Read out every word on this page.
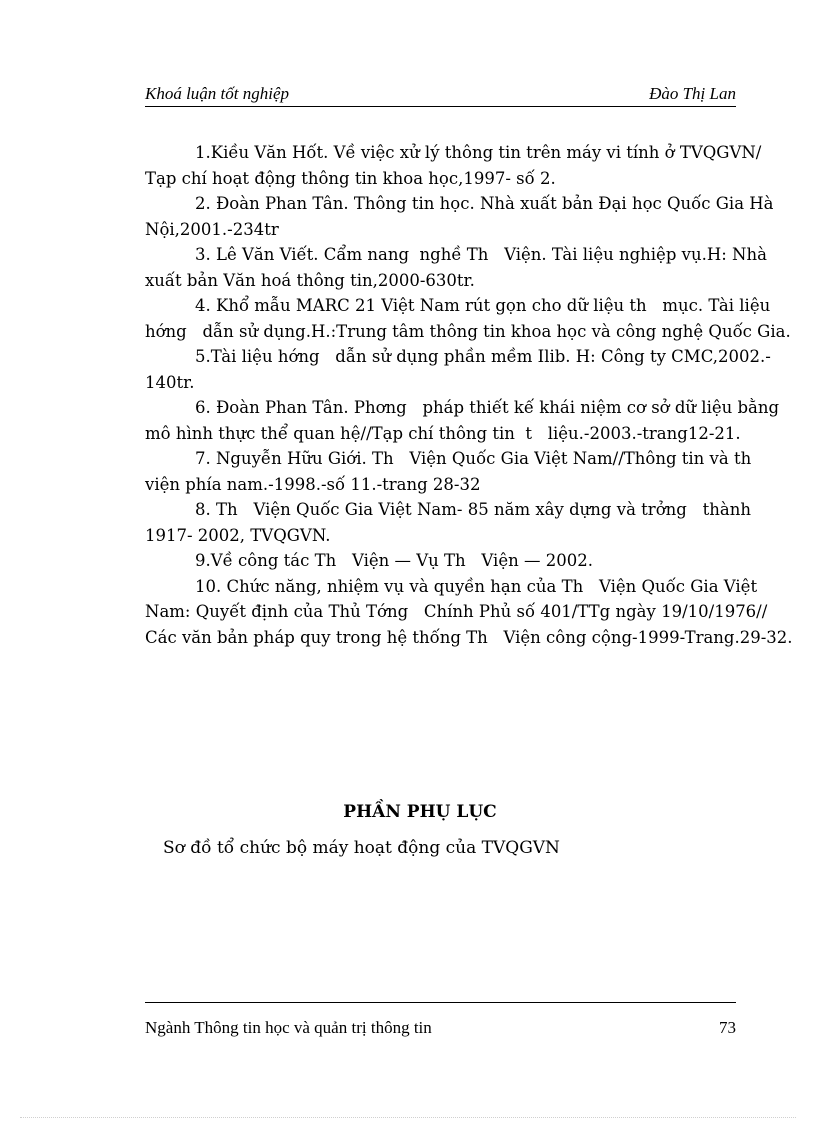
Khoá luận tốt nghiệp	Đào Thị Lan
1.Kiều Văn Hốt. Về việc xử lý thông tin trên máy vi tính ở TVQGVN/
Tạp chí hoạt động thông tin khoa học,1997- số 2.
2. Đoàn Phan Tân. Thông tin học. Nhà xuất bản Đại học Quốc Gia Hà
Nội,2001.-234tr
3. Lê Văn Viết. Cẩm nang  nghề Th   Viện. Tài liệu nghiệp vụ.H: Nhà
xuất bản Văn hoá thông tin,2000-630tr.
4. Khổ mẫu MARC 21 Việt Nam rút gọn cho dữ liệu th   mục. Tài liệu
hớng   dẫn sử dụng.H.:Trung tâm thông tin khoa học và công nghệ Quốc Gia.
5.Tài liệu hớng   dẫn sử dụng phần mềm Ilib. H: Công ty CMC,2002.-
140tr.
6. Đoàn Phan Tân. Phơng   pháp thiết kế khái niệm cơ sở dữ liệu bằng
mô hình thực thể quan hệ//Tạp chí thông tin  t   liệu.-2003.-trang12-21.
7. Nguyễn Hữu Giới. Th   Viện Quốc Gia Việt Nam//Thông tin và th
viện phía nam.-1998.-số 11.-trang 28-32
8. Th   Viện Quốc Gia Việt Nam- 85 năm xây dựng và trởng   thành
1917- 2002, TVQGVN.
9.Về công tác Th   Viện — Vụ Th   Viện — 2002.
10. Chức năng, nhiệm vụ và quyền hạn của Th   Viện Quốc Gia Việt
Nam: Quyết định của Thủ Tớng   Chính Phủ số 401/TTg ngày 19/10/1976//
Các văn bản pháp quy trong hệ thống Th   Viện công cộng-1999-Trang.29-32.
PHẦN PHỤ LỤC
Sơ đồ tổ chức bộ máy hoạt động của TVQGVN
Ngành Thông tin học và quản trị thông tin	73
